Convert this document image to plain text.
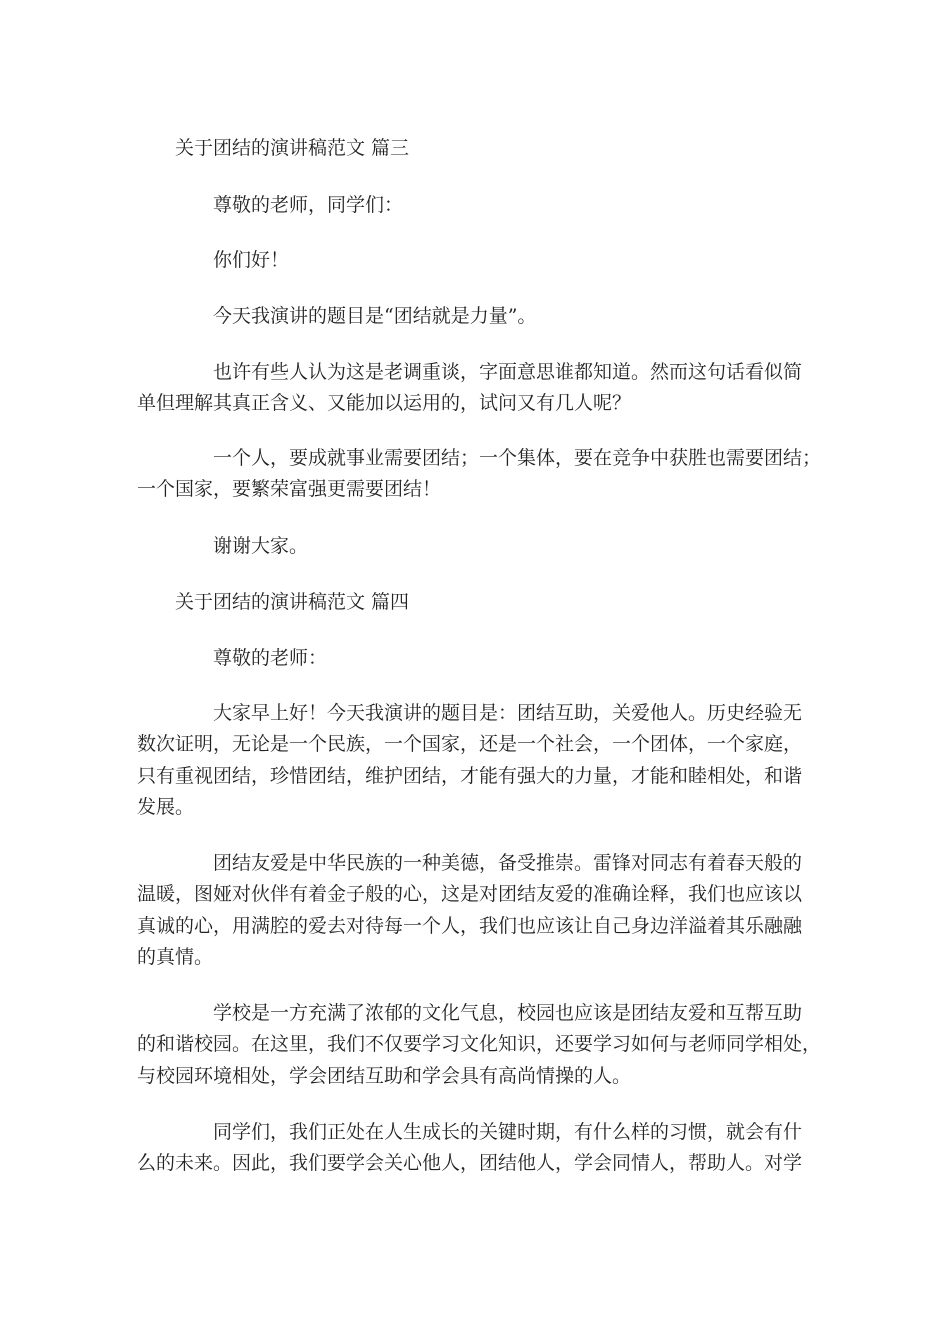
关于团结的演讲稿范文 篇三
尊敬的老师，同学们：
你们好！
今天我演讲的题目是“团结就是力量”。
也许有些人认为这是老调重谈，字面意思谁都知道。然而这句话看似简
单但理解其真正含义、又能加以运用的，试问又有几人呢？
一个人，要成就事业需要团结；一个集体，要在竞争中获胜也需要团结；
一个国家，要繁荣富强更需要团结！
谢谢大家。
关于团结的演讲稿范文 篇四
尊敬的老师：
大家早上好！今天我演讲的题目是：团结互助，关爱他人。历史经验无
数次证明，无论是一个民族，一个国家，还是一个社会，一个团体，一个家庭，
只有重视团结，珍惜团结，维护团结，才能有强大的力量，才能和睦相处，和谐
发展。
团结友爱是中华民族的一种美德，备受推崇。雷锋对同志有着春天般的
温暖，图娅对伙伴有着金子般的心，这是对团结友爱的准确诠释，我们也应该以
真诚的心，用满腔的爱去对待每一个人，我们也应该让自己身边洋溢着其乐融融
的真情。
学校是一方充满了浓郁的文化气息，校园也应该是团结友爱和互帮互助
的和谐校园。在这里，我们不仅要学习文化知识，还要学习如何与老师同学相处，
与校园环境相处，学会团结互助和学会具有高尚情操的人。
同学们，我们正处在人生成长的关键时期，有什么样的习惯，就会有什
么的未来。因此，我们要学会关心他人，团结他人，学会同情人，帮助人。对学
